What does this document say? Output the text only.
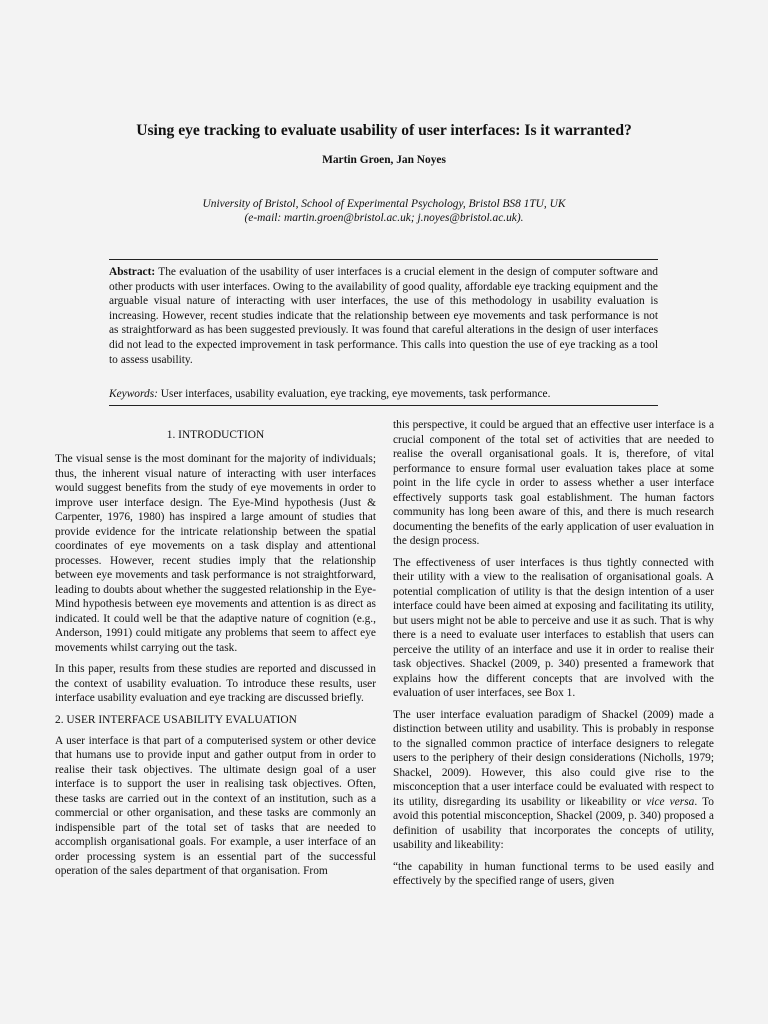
Using eye tracking to evaluate usability of user interfaces: Is it warranted?
Martin Groen, Jan Noyes
University of Bristol, School of Experimental Psychology, Bristol BS8 1TU, UK
(e-mail: martin.groen@bristol.ac.uk; j.noyes@bristol.ac.uk).
Abstract: The evaluation of the usability of user interfaces is a crucial element in the design of computer software and other products with user interfaces. Owing to the availability of good quality, affordable eye tracking equipment and the arguable visual nature of interacting with user interfaces, the use of this methodology in usability evaluation is increasing. However, recent studies indicate that the relationship between eye movements and task performance is not as straightforward as has been suggested previously. It was found that careful alterations in the design of user interfaces did not lead to the expected improvement in task performance. This calls into question the use of eye tracking as a tool to assess usability.
Keywords: User interfaces, usability evaluation, eye tracking, eye movements, task performance.
1. INTRODUCTION

The visual sense is the most dominant for the majority of individuals; thus, the inherent visual nature of interacting with user interfaces would suggest benefits from the study of eye movements in order to improve user interface design. The Eye-Mind hypothesis (Just & Carpenter, 1976, 1980) has inspired a large amount of studies that provide evidence for the intricate relationship between the spatial coordinates of eye movements on a task display and attentional processes. However, recent studies imply that the relationship between eye movements and task performance is not straightforward, leading to doubts about whether the suggested relationship in the Eye-Mind hypothesis between eye movements and attention is as direct as indicated. It could well be that the adaptive nature of cognition (e.g., Anderson, 1991) could mitigate any problems that seem to affect eye movements whilst carrying out the task.

In this paper, results from these studies are reported and discussed in the context of usability evaluation. To introduce these results, user interface usability evaluation and eye tracking are discussed briefly.

2. USER INTERFACE USABILITY EVALUATION

A user interface is that part of a computerised system or other device that humans use to provide input and gather output from in order to realise their task objectives. The ultimate design goal of a user interface is to support the user in realising task objectives. Often, these tasks are carried out in the context of an institution, such as a commercial or other organisation, and these tasks are commonly an indispensible part of the total set of tasks that are needed to accomplish organisational goals. For example, a user interface of an order processing system is an essential part of the successful operation of the sales department of that organisation. From

this perspective, it could be argued that an effective user interface is a crucial component of the total set of activities that are needed to realise the overall organisational goals. It is, therefore, of vital performance to ensure formal user evaluation takes place at some point in the life cycle in order to assess whether a user interface effectively supports task goal establishment. The human factors community has long been aware of this, and there is much research documenting the benefits of the early application of user evaluation in the design process.

The effectiveness of user interfaces is thus tightly connected with their utility with a view to the realisation of organisational goals. A potential complication of utility is that the design intention of a user interface could have been aimed at exposing and facilitating its utility, but users might not be able to perceive and use it as such. That is why there is a need to evaluate user interfaces to establish that users can perceive the utility of an interface and use it in order to realise their task objectives. Shackel (2009, p. 340) presented a framework that explains how the different concepts that are involved with the evaluation of user interfaces, see Box 1.

The user interface evaluation paradigm of Shackel (2009) made a distinction between utility and usability. This is probably in response to the signalled common practice of interface designers to relegate users to the periphery of their design considerations (Nicholls, 1979; Shackel, 2009). However, this also could give rise to the misconception that a user interface could be evaluated with respect to its utility, disregarding its usability or likeability or vice versa. To avoid this potential misconception, Shackel (2009, p. 340) proposed a definition of usability that incorporates the concepts of utility, usability and likeability:

“the capability in human functional terms to be used easily and effectively by the specified range of users, given
